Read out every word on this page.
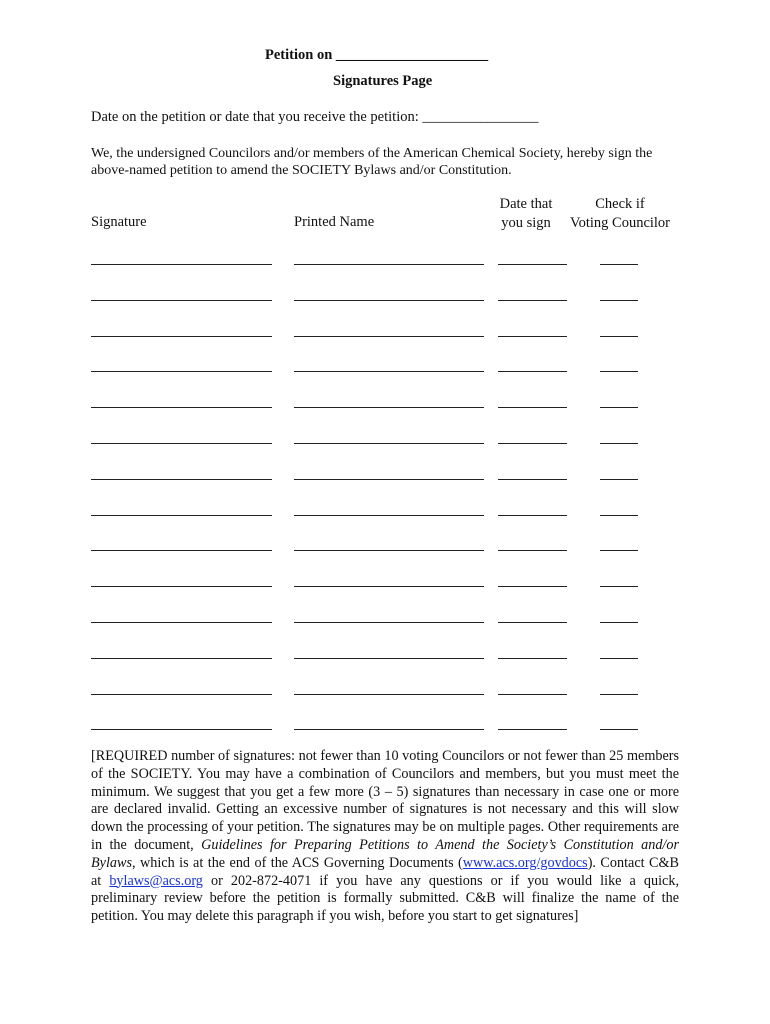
Petition on _____________________
Signatures Page
Date on the petition or date that you receive the petition: ________________
We, the undersigned Councilors and/or members of the American Chemical Society, hereby sign the
above-named petition to amend the SOCIETY Bylaws and/or Constitution.
Signature	Printed Name
Date that
you sign
Check if
Voting Councilor
[REQUIRED number of signatures: not fewer than 10 voting Councilors or not fewer than 25 members of the SOCIETY. You may have a combination of Councilors and members, but you must meet the minimum. We suggest that you get a few more (3 – 5) signatures than necessary in case one or more are declared invalid. Getting an excessive number of signatures is not necessary and this will slow down the processing of your petition. The signatures may be on multiple pages. Other requirements are in the document, Guidelines for Preparing Petitions to Amend the Society’s Constitution and/or Bylaws, which is at the end of the ACS Governing Documents (www.acs.org/govdocs). Contact C&B at bylaws@acs.org or 202-872-4071 if you have any questions or if you would like a quick, preliminary review before the petition is formally submitted. C&B will finalize the name of the petition. You may delete this paragraph if you wish, before you start to get signatures]
